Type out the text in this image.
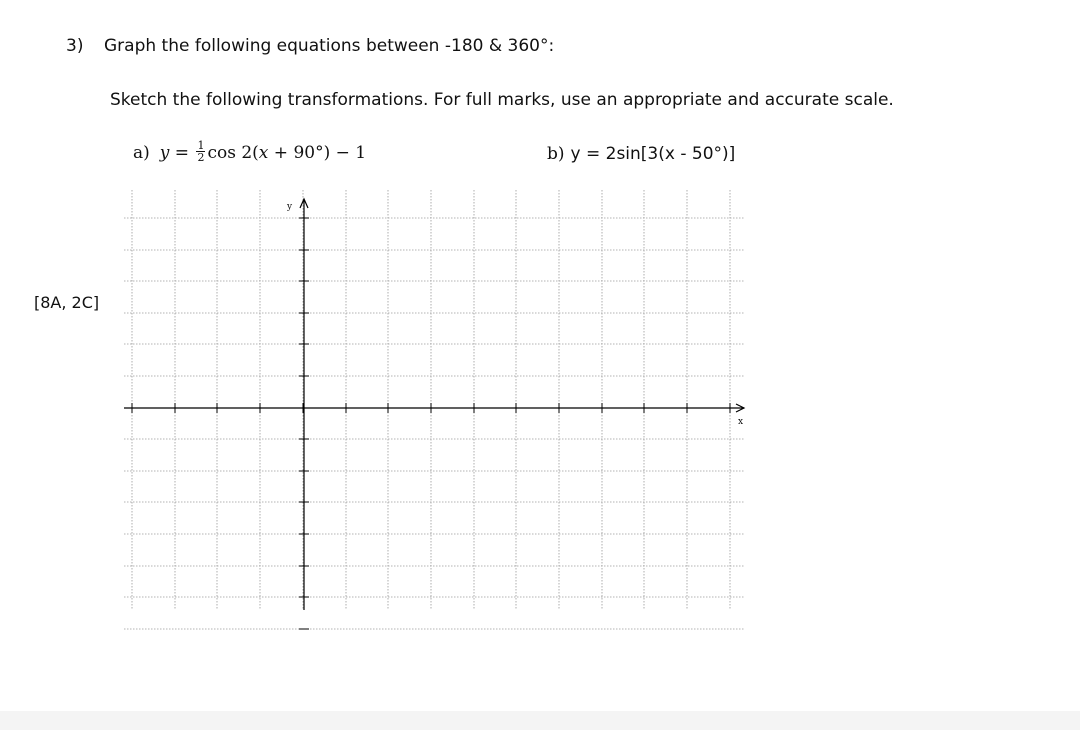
3) Graph the following equations between -180 & 360°:
Sketch the following transformations. For full marks, use an appropriate and accurate scale.
a) $y = \frac{1}{2}$ cos 2(x + 90°) − 1	b) y = 2sin[3(x - 50°)]
[8A, 2C]
x
y
